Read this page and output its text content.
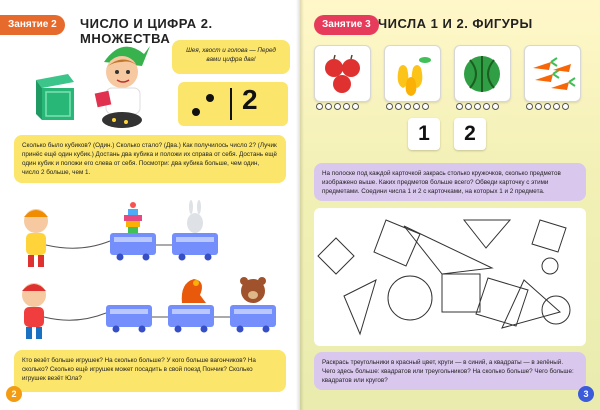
Занятие 2	ЧИСЛО И ЦИФРА 2. МНОЖЕСТВА
Шея, хвост и голова — Перед вами цифра два!
2
Сколько было кубиков? (Один.) Сколько стало? (Два.) Как получилось число 2? (Лучик принёс ещё один кубик.) Достань два кубика и положи их справа от себя. Достань ещё один кубик и положи его слева от себя. Посмотри: два кубика больше, чем один, число 2 больше, чем 1.
Кто везёт больше игрушек? На сколько больше? У кого больше вагончиков? На сколько? Сколько ещё игрушек может посадить в свой поезд Пончик? Сколько игрушек везёт Юла?
2
Занятие 3 ЧИСЛА 1 И 2. ФИГУРЫ
1	2
На полоске под каждой карточкой закрась столько кружочков, сколько предметов изображено выше. Каких предметов больше всего? Обведи карточку с этими предметами. Соедини числа 1 и 2 с карточками, на которых 1 и 2 предмета.
Раскрась треугольники в красный цвет, круги — в синий, а квадраты — в зелёный. Чего здесь больше: квадратов или треугольников? На сколько больше? Чего больше: квадратов или кругов?
3
